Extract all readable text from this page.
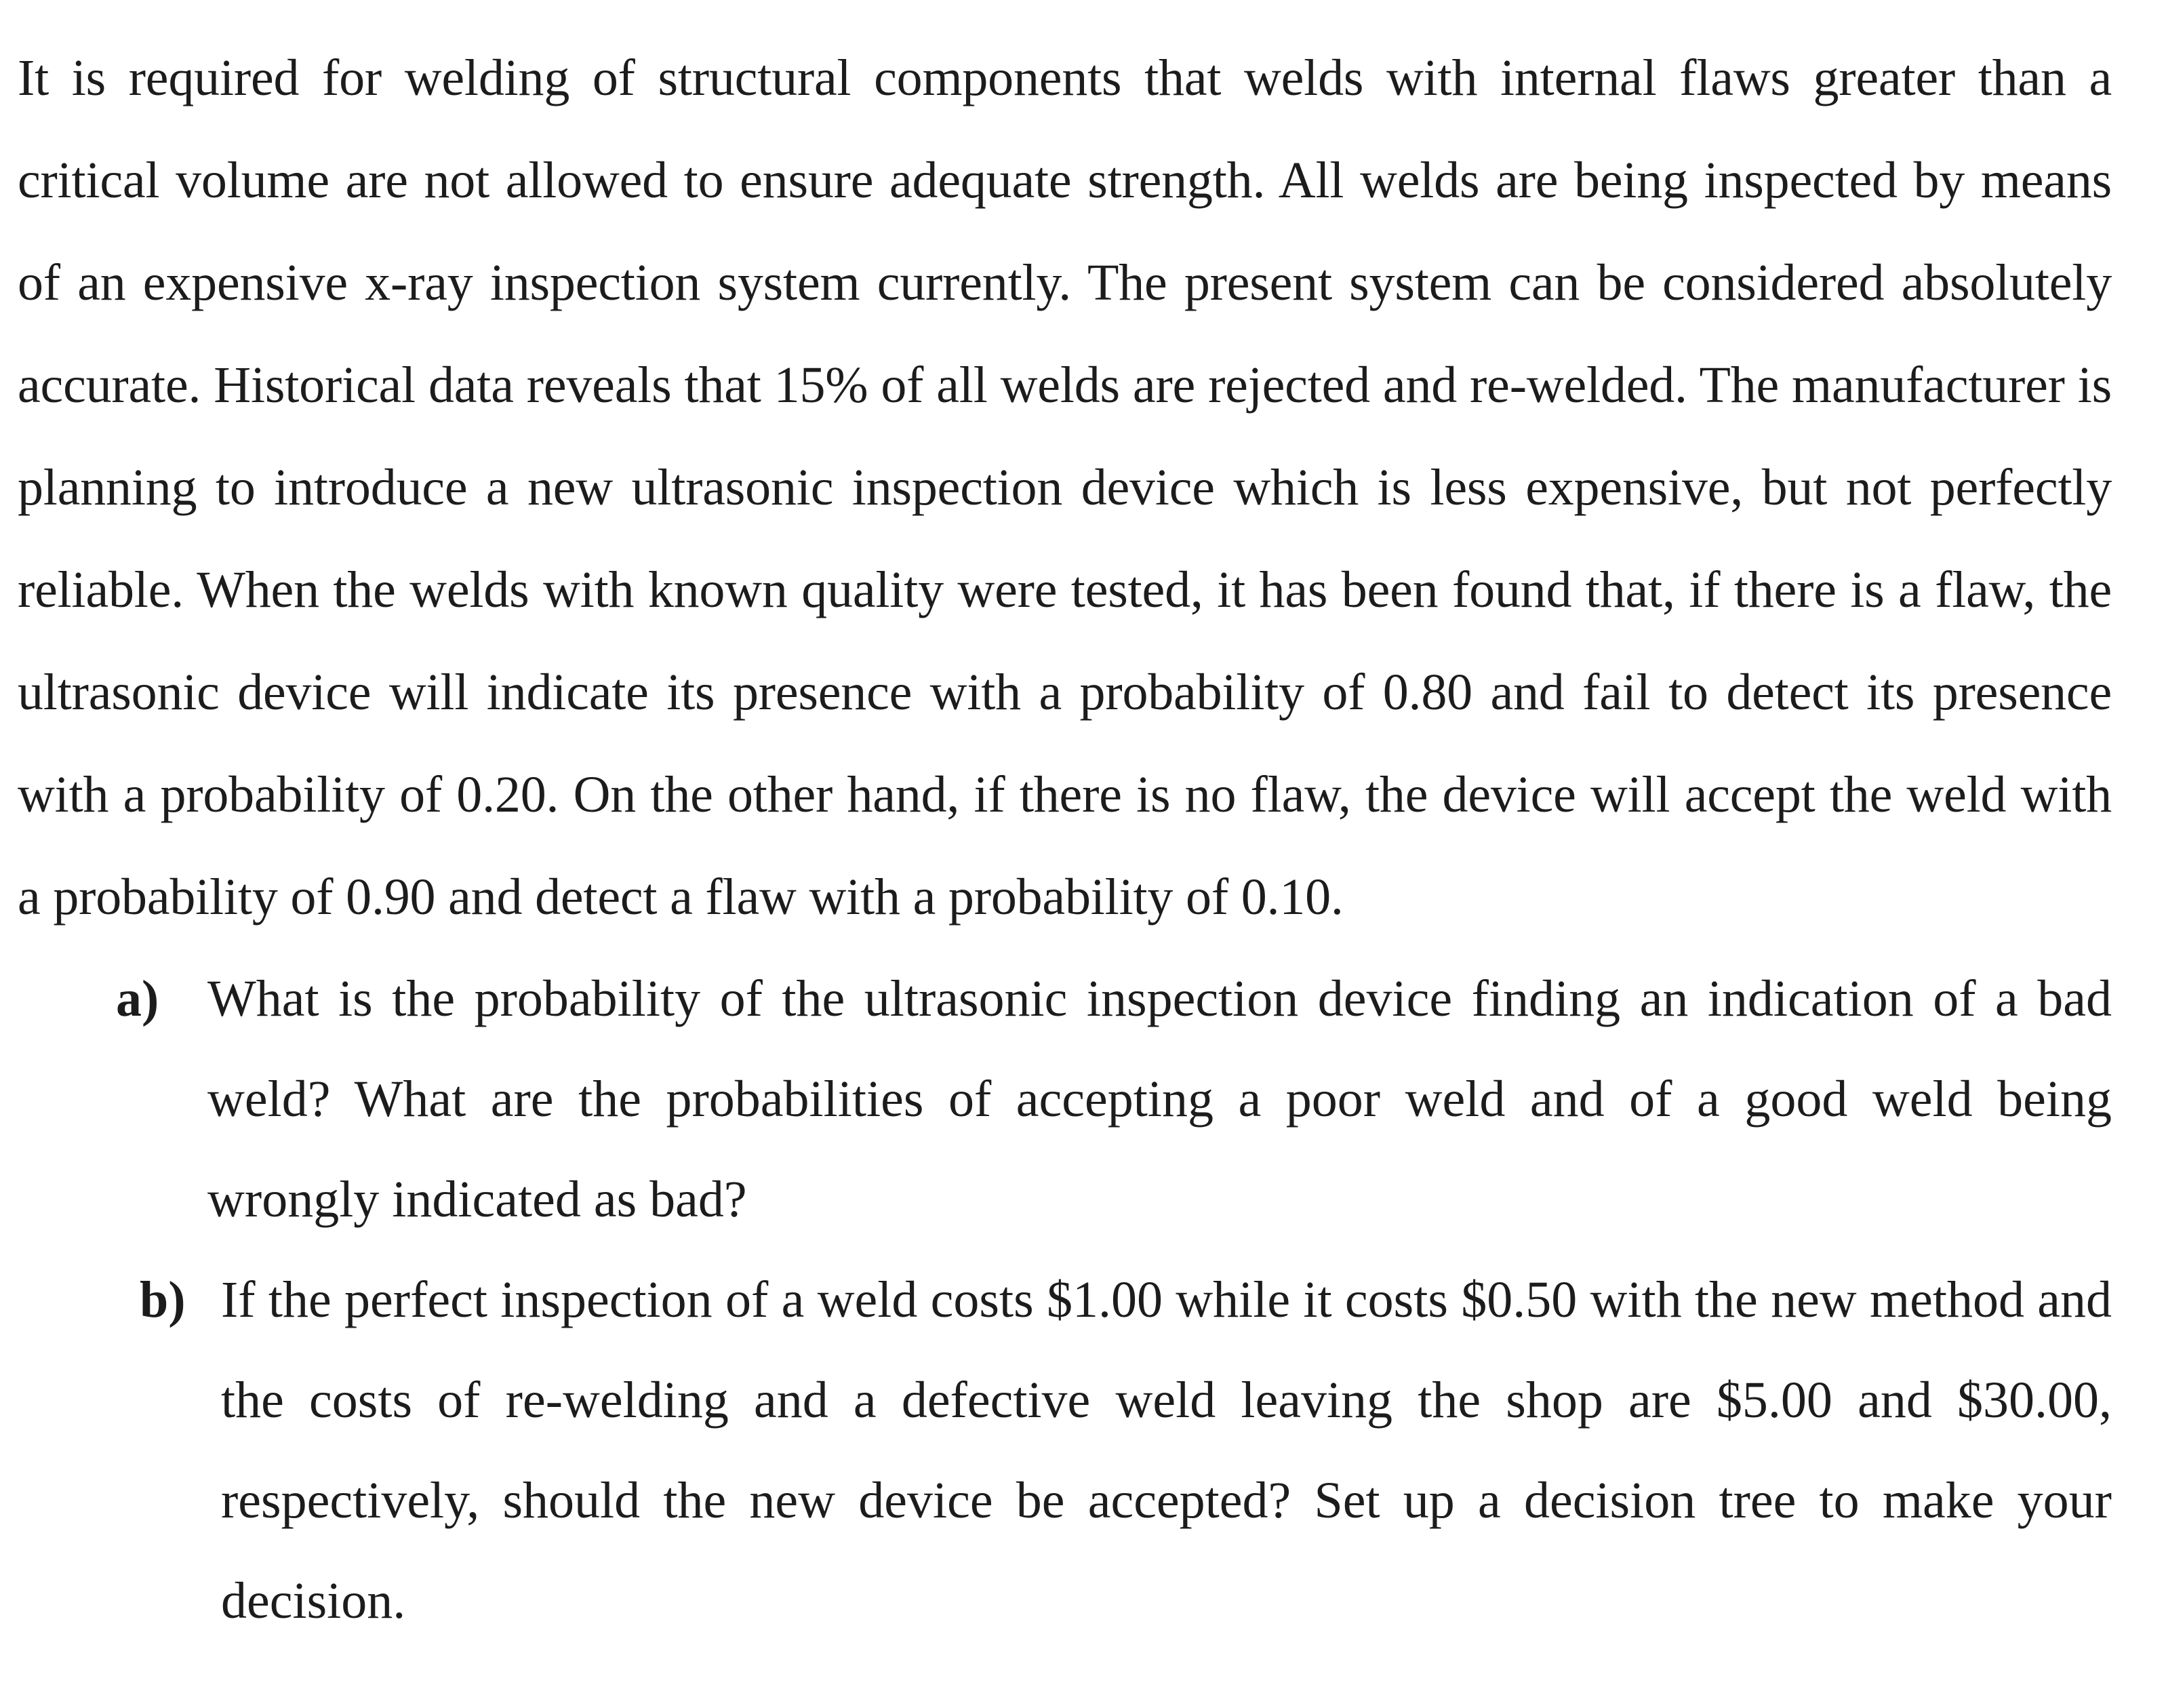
It is required for welding of structural components that welds with internal flaws greater than a critical volume are not allowed to ensure adequate strength. All welds are being inspected by means of an expensive x-ray inspection system currently. The present system can be considered absolutely accurate. Historical data reveals that 15% of all welds are rejected and re-welded. The manufacturer is planning to introduce a new ultrasonic inspection device which is less expensive, but not perfectly reliable. When the welds with known quality were tested, it has been found that, if there is a flaw, the ultrasonic device will indicate its presence with a probability of 0.80 and fail to detect its presence with a probability of 0.20. On the other hand, if there is no flaw, the device will accept the weld with a probability of 0.90 and detect a flaw with a probability of 0.10.

a) What is the probability of the ultrasonic inspection device finding an indication of a bad weld? What are the probabilities of accepting a poor weld and of a good weld being wrongly indicated as bad?
b) If the perfect inspection of a weld costs $1.00 while it costs $0.50 with the new method and the costs of re-welding and a defective weld leaving the shop are $5.00 and $30.00, respectively, should the new device be accepted? Set up a decision tree to make your decision.
